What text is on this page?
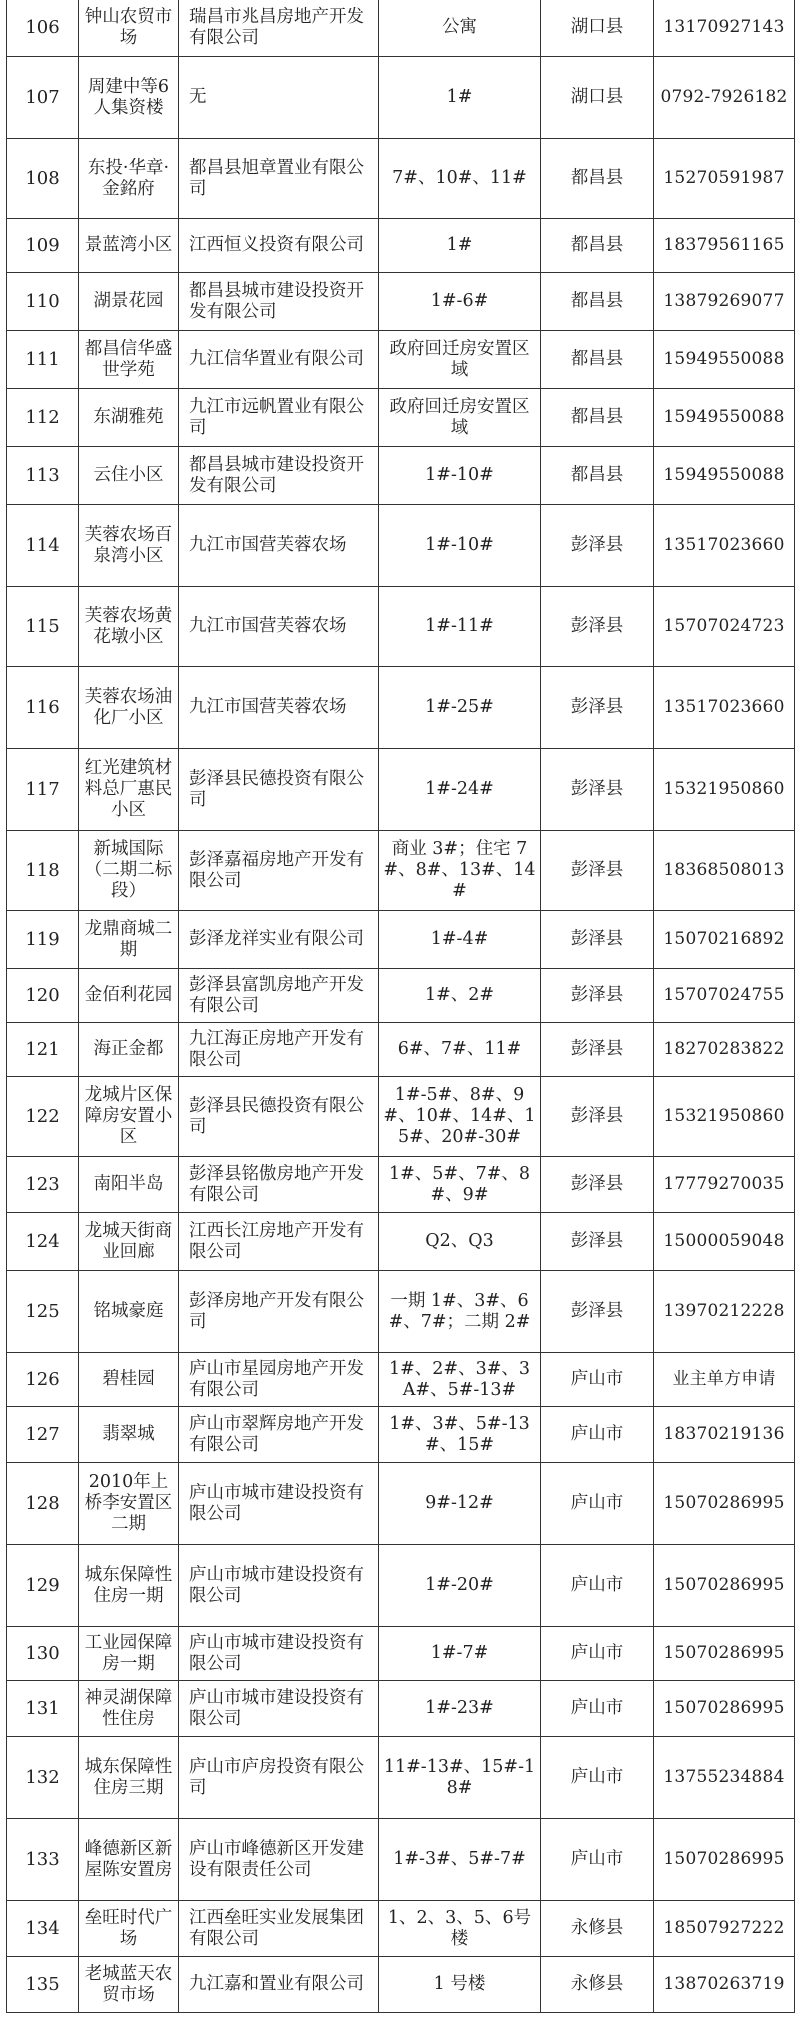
106	钟山农贸市场	瑞昌市兆昌房地产开发有限公司	公寓	湖口县	13170927143
107	周建中等6人集资楼	无	1#	湖口县	0792-7926182
108	东投·华章·金銘府	都昌县旭章置业有限公司	7#、10#、11#	都昌县	15270591987
109	景蓝湾小区	江西恒义投资有限公司	1#	都昌县	18379561165
110	湖景花园	都昌县城市建设投资开发有限公司	1#-6#	都昌县	13879269077
111	都昌信华盛世学苑	九江信华置业有限公司	政府回迁房安置区域	都昌县	15949550088
112	东湖雅苑	九江市远帆置业有限公司	政府回迁房安置区域	都昌县	15949550088
113	云住小区	都昌县城市建设投资开发有限公司	1#-10#	都昌县	15949550088
114	芙蓉农场百泉湾小区	九江市国营芙蓉农场	1#-10#	彭泽县	13517023660
115	芙蓉农场黄花墩小区	九江市国营芙蓉农场	1#-11#	彭泽县	15707024723
116	芙蓉农场油化厂小区	九江市国营芙蓉农场	1#-25#	彭泽县	13517023660
117	红光建筑材料总厂惠民小区	彭泽县民德投资有限公司	1#-24#	彭泽县	15321950860
118	新城国际（二期二标段）	彭泽嘉福房地产开发有限公司	商业 3#；住宅 7#、8#、13#、14#	彭泽县	18368508013
119	龙鼎商城二期	彭泽龙祥实业有限公司	1#-4#	彭泽县	15070216892
120	金佰利花园	彭泽县富凯房地产开发有限公司	1#、2#	彭泽县	15707024755
121	海正金都	九江海正房地产开发有限公司	6#、7#、11#	彭泽县	18270283822
122	龙城片区保障房安置小区	彭泽县民德投资有限公司	1#-5#、8#、9#、10#、14#、15#、20#-30#	彭泽县	15321950860
123	南阳半岛	彭泽县铭傲房地产开发有限公司	1#、5#、7#、8#、9#	彭泽县	17779270035
124	龙城天街商业回廊	江西长江房地产开发有限公司	Q2、Q3	彭泽县	15000059048
125	铭城豪庭	彭泽房地产开发有限公司	一期 1#、3#、6#、7#；二期 2#	彭泽县	13970212228
126	碧桂园	庐山市星园房地产开发有限公司	1#、2#、3#、3A#、5#-13#	庐山市	业主单方申请
127	翡翠城	庐山市翠辉房地产开发有限公司	1#、3#、5#-13#、15#	庐山市	18370219136
128	2010年上桥李安置区二期	庐山市城市建设投资有限公司	9#-12#	庐山市	15070286995
129	城东保障性住房一期	庐山市城市建设投资有限公司	1#-20#	庐山市	15070286995
130	工业园保障房一期	庐山市城市建设投资有限公司	1#-7#	庐山市	15070286995
131	神灵湖保障性住房	庐山市城市建设投资有限公司	1#-23#	庐山市	15070286995
132	城东保障性住房三期	庐山市庐房投资有限公司	11#-13#、15#-18#	庐山市	13755234884
133	峰德新区新屋陈安置房	庐山市峰德新区开发建设有限责任公司	1#-3#、5#-7#	庐山市	15070286995
134	垒旺时代广场	江西垒旺实业发展集团有限公司	1、2、3、5、6号楼	永修县	18507927222
135	老城蓝天农贸市场	九江嘉和置业有限公司	1 号楼	永修县	13870263719
